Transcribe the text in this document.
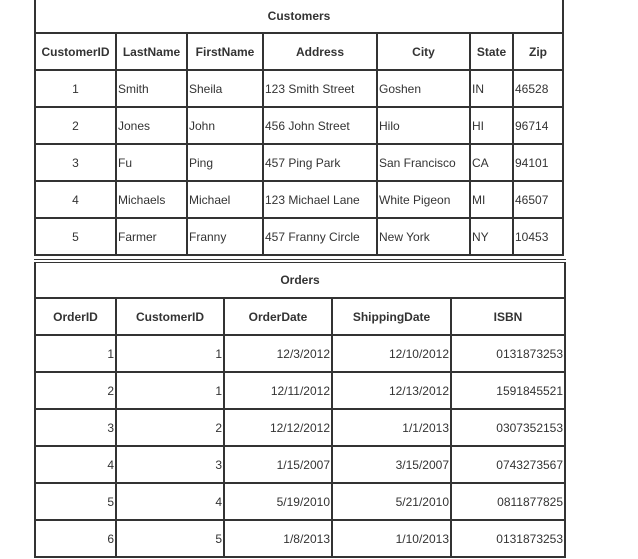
Customers						
CustomerID	LastName	FirstName	Address	City	State	Zip
1	Smith	Sheila	123 Smith Street	Goshen	IN	46528
2	Jones	John	456 John Street	Hilo	HI	96714
3	Fu	Ping	457 Ping Park	San Francisco	CA	94101
4	Michaels	Michael	123 Michael Lane	White Pigeon	MI	46507
5	Farmer	Franny	457 Franny Circle	New York	NY	10453
Orders				
OrderID	CustomerID	OrderDate	ShippingDate	ISBN
1	1	12/3/2012	12/10/2012	0131873253
2	1	12/11/2012	12/13/2012	1591845521
3	2	12/12/2012	1/1/2013	0307352153
4	3	1/15/2007	3/15/2007	0743273567
5	4	5/19/2010	5/21/2010	0811877825
6	5	1/8/2013	1/10/2013	0131873253
